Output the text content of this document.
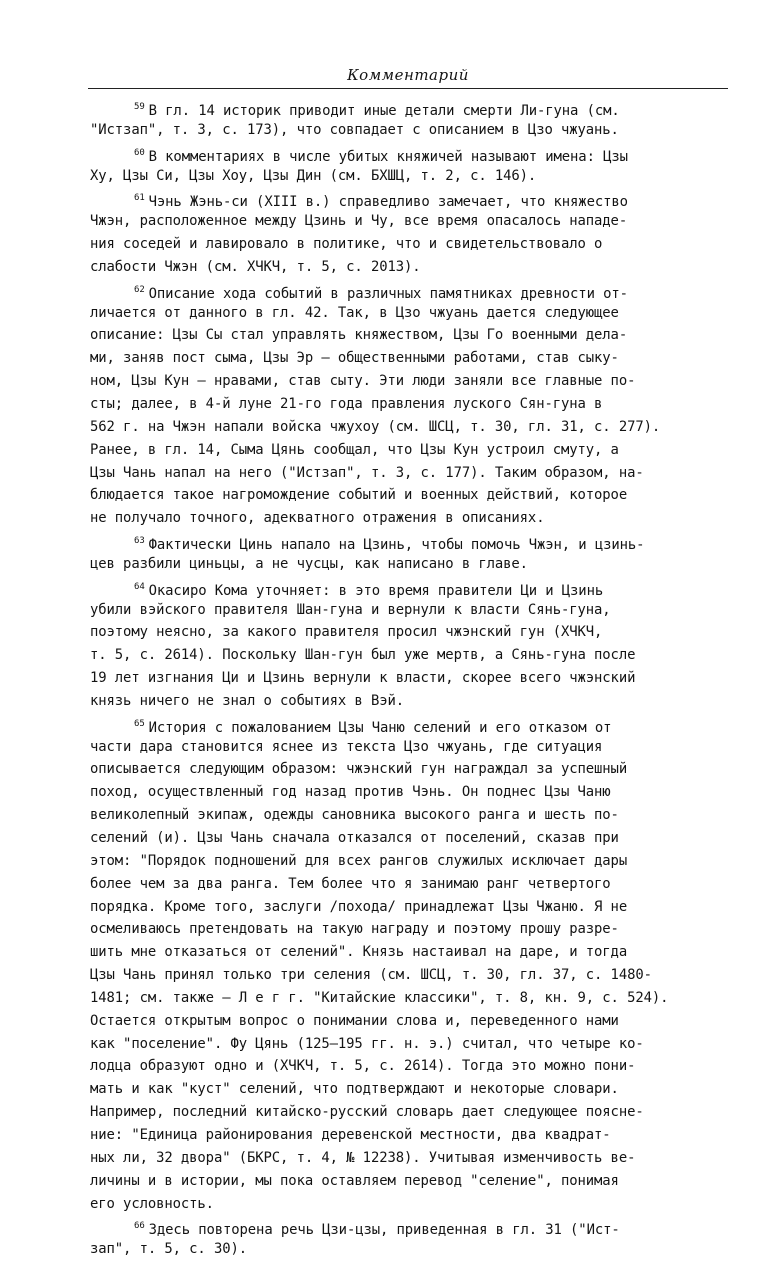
Комментарий
$^{59}$ В гл. 14 историк приводит иные детали смерти Ли-гуна (см.
"Истзап", т. 3, с. 173), что совпадает с описанием в Цзо чжуань.
$^{60}$ В комментариях в числе убитых княжичей называют имена: Цзы
Ху, Цзы Си, Цзы Хоу, Цзы Дин (см. БХШЦ, т. 2, с. 146).
$^{61}$ Чэнь Жэнь-си (XIII в.) справедливо замечает, что княжество
Чжэн, расположенное между Цзинь и Чу, все время опасалось нападе-
ния соседей и лавировало в политике, что и свидетельствовало о
слабости Чжэн (см. ХЧКЧ, т. 5, с. 2013).
$^{62}$ Описание хода событий в различных памятниках древности от-
личается от данного в гл. 42. Так, в Цзо чжуань дается следующее
описание: Цзы Сы стал управлять княжеством, Цзы Го военными дела-
ми, заняв пост сыма, Цзы Эр — общественными работами, став сыкy-
ном, Цзы Кун — нравами, став сыту. Эти люди заняли все главные по-
сты; далее, в 4-й луне 21-го года правления луского Сян-гуна в
562 г. на Чжэн напали войска чжухоу (см. ШСЦ, т. 30, гл. 31, с. 277).
Ранее, в гл. 14, Сыма Цянь сообщал, что Цзы Кун устроил смуту, а
Цзы Чань напал на него ("Истзап", т. 3, с. 177). Таким образом, на-
блюдается такое нагромождение событий и военных действий, которое
не получало точного, адекватного отражения в описаниях.
$^{63}$ Фактически Цинь напало на Цзинь, чтобы помочь Чжэн, и цзинь-
цев разбили циньцы, а не чусцы, как написано в главе.
$^{64}$ Окасиро Кома уточняет: в это время правители Ци и Цзинь
убили вэйского правителя Шан-гуна и вернули к власти Сянь-гуна,
поэтому неясно, за какого правителя просил чжэнский гун (ХЧКЧ,
т. 5, с. 2614). Поскольку Шан-гун был уже мертв, а Сянь-гуна после
19 лет изгнания Ци и Цзинь вернули к власти, скорее всего чжэнский
князь ничего не знал о событиях в Вэй.
$^{65}$ История с пожалованием Цзы Чаню селений и его отказом от
части дара становится яснее из текста Цзо чжуань, где ситуация
описывается следующим образом: чжэнский гун награждал за успешный
поход, осуществленный год назад против Чэнь. Он поднес Цзы Чаню
великолепный экипаж, одежды сановника высокого ранга и шесть по-
селений (и). Цзы Чань сначала отказался от поселений, сказав при
этом: "Порядок подношений для всех рангов служилых исключает дары
более чем за два ранга. Тем более что я занимаю ранг четвертого
порядка. Кроме того, заслуги /похода/ принадлежат Цзы Чжаню. Я не
осмеливаюсь претендовать на такую награду и поэтому прошу разре-
шить мне отказаться от селений". Князь настаивал на даре, и тогда
Цзы Чань принял только три селения (см. ШСЦ, т. 30, гл. 37, с. 1480-
1481; см. также — Л е г г. "Китайские классики", т. 8, кн. 9, с. 524).
Остается открытым вопрос о понимании слова и, переведенного нами
как "поселение". Фу Цянь (125—195 гг. н. э.) считал, что четыре ко-
лодца образуют одно и (ХЧКЧ, т. 5, с. 2614). Тогда это можно пони-
мать и как "куст" селений, что подтверждают и некоторые словари.
Например, последний китайско-русский словарь дает следующее поясне-
ние: "Единица районирования деревенской местности, два квадрат-
ных ли, 32 двора" (БКРС, т. 4, № 12238). Учитывая изменчивость ве-
личины и в истории, мы пока оставляем перевод "селение", понимая
его условность.
$^{66}$ Здесь повторена речь Цзи-цзы, приведенная в гл. 31 ("Ист-
зап", т. 5, с. 30).
